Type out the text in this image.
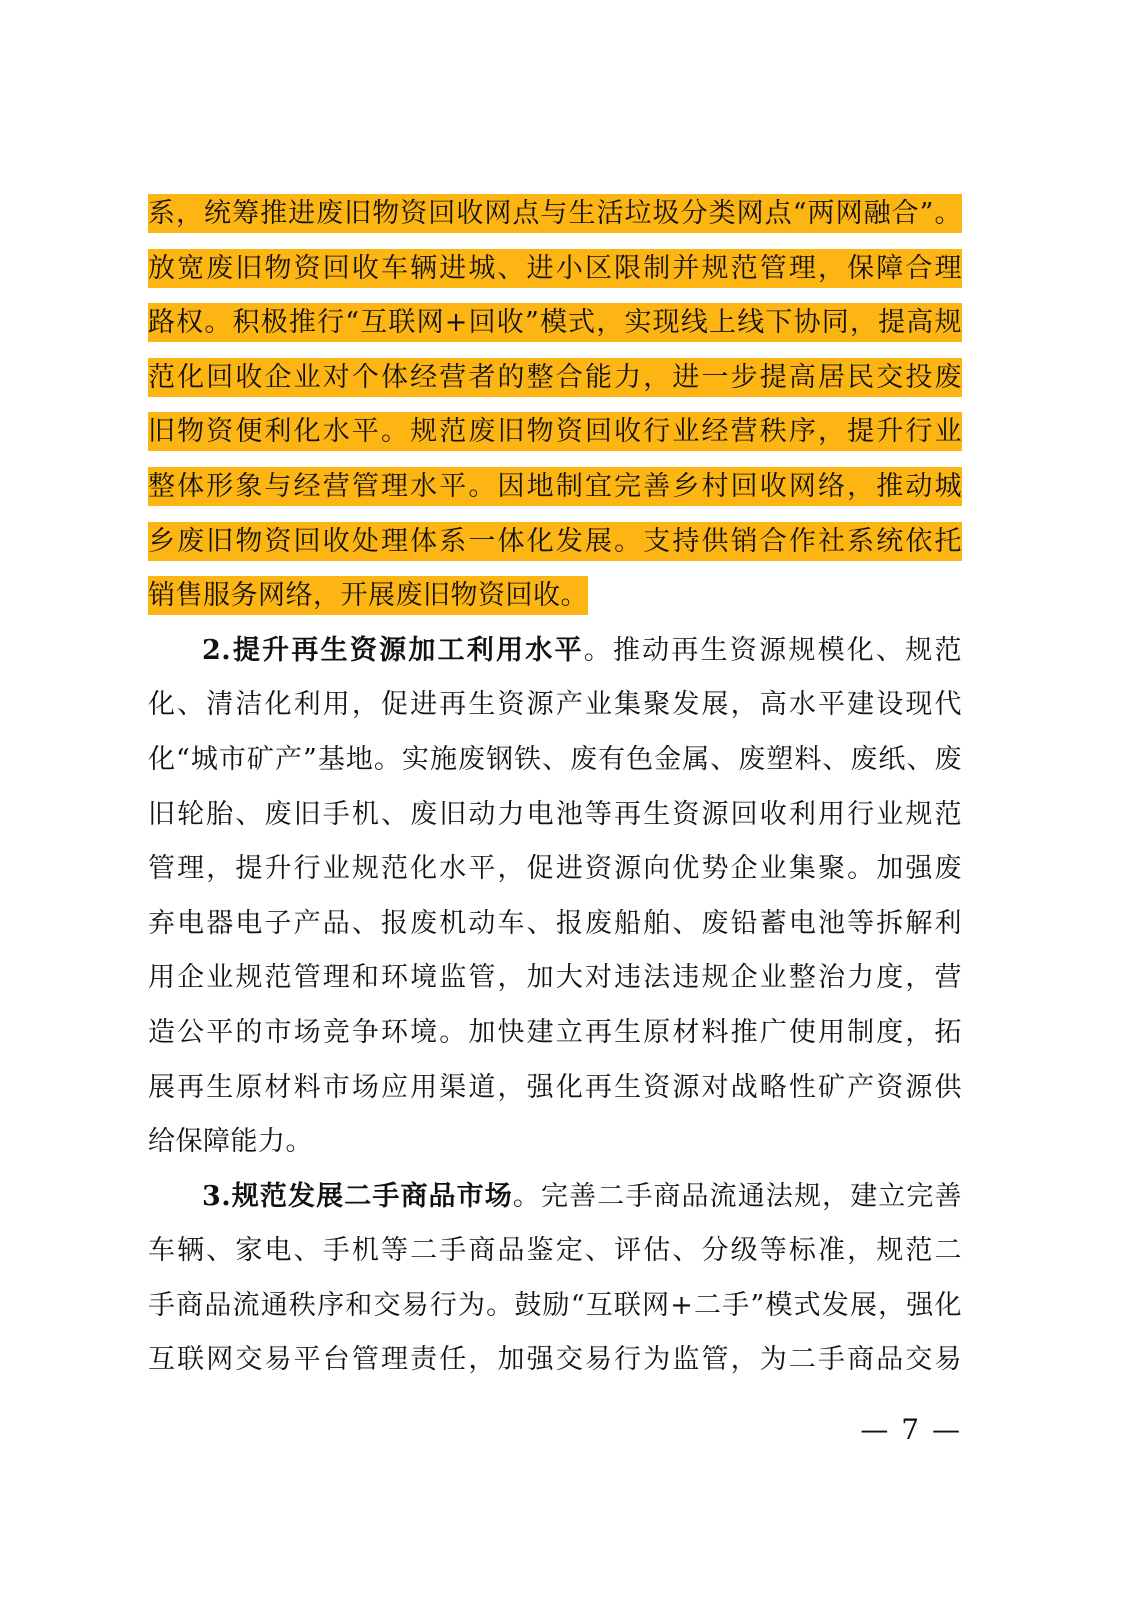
系，统筹推进废旧物资回收网点与生活垃圾分类网点“两网融合”。
放宽废旧物资回收车辆进城、进小区限制并规范管理，保障合理
路权。积极推行“互联网+回收”模式，实现线上线下协同，提高规
范化回收企业对个体经营者的整合能力，进一步提高居民交投废
旧物资便利化水平。规范废旧物资回收行业经营秩序，提升行业
整体形象与经营管理水平。因地制宜完善乡村回收网络，推动城
乡废旧物资回收处理体系一体化发展。支持供销合作社系统依托
销售服务网络，开展废旧物资回收。
2.提升再生资源加工利用水平。推动再生资源规模化、规范
化、清洁化利用，促进再生资源产业集聚发展，高水平建设现代
化“城市矿产”基地。实施废钢铁、废有色金属、废塑料、废纸、废
旧轮胎、废旧手机、废旧动力电池等再生资源回收利用行业规范
管理，提升行业规范化水平，促进资源向优势企业集聚。加强废
弃电器电子产品、报废机动车、报废船舶、废铅蓄电池等拆解利
用企业规范管理和环境监管，加大对违法违规企业整治力度，营
造公平的市场竞争环境。加快建立再生原材料推广使用制度，拓
展再生原材料市场应用渠道，强化再生资源对战略性矿产资源供
给保障能力。
3.规范发展二手商品市场。完善二手商品流通法规，建立完善
车辆、家电、手机等二手商品鉴定、评估、分级等标准，规范二
手商品流通秩序和交易行为。鼓励“互联网+二手”模式发展，强化
互联网交易平台管理责任，加强交易行为监管，为二手商品交易
— 7 —
